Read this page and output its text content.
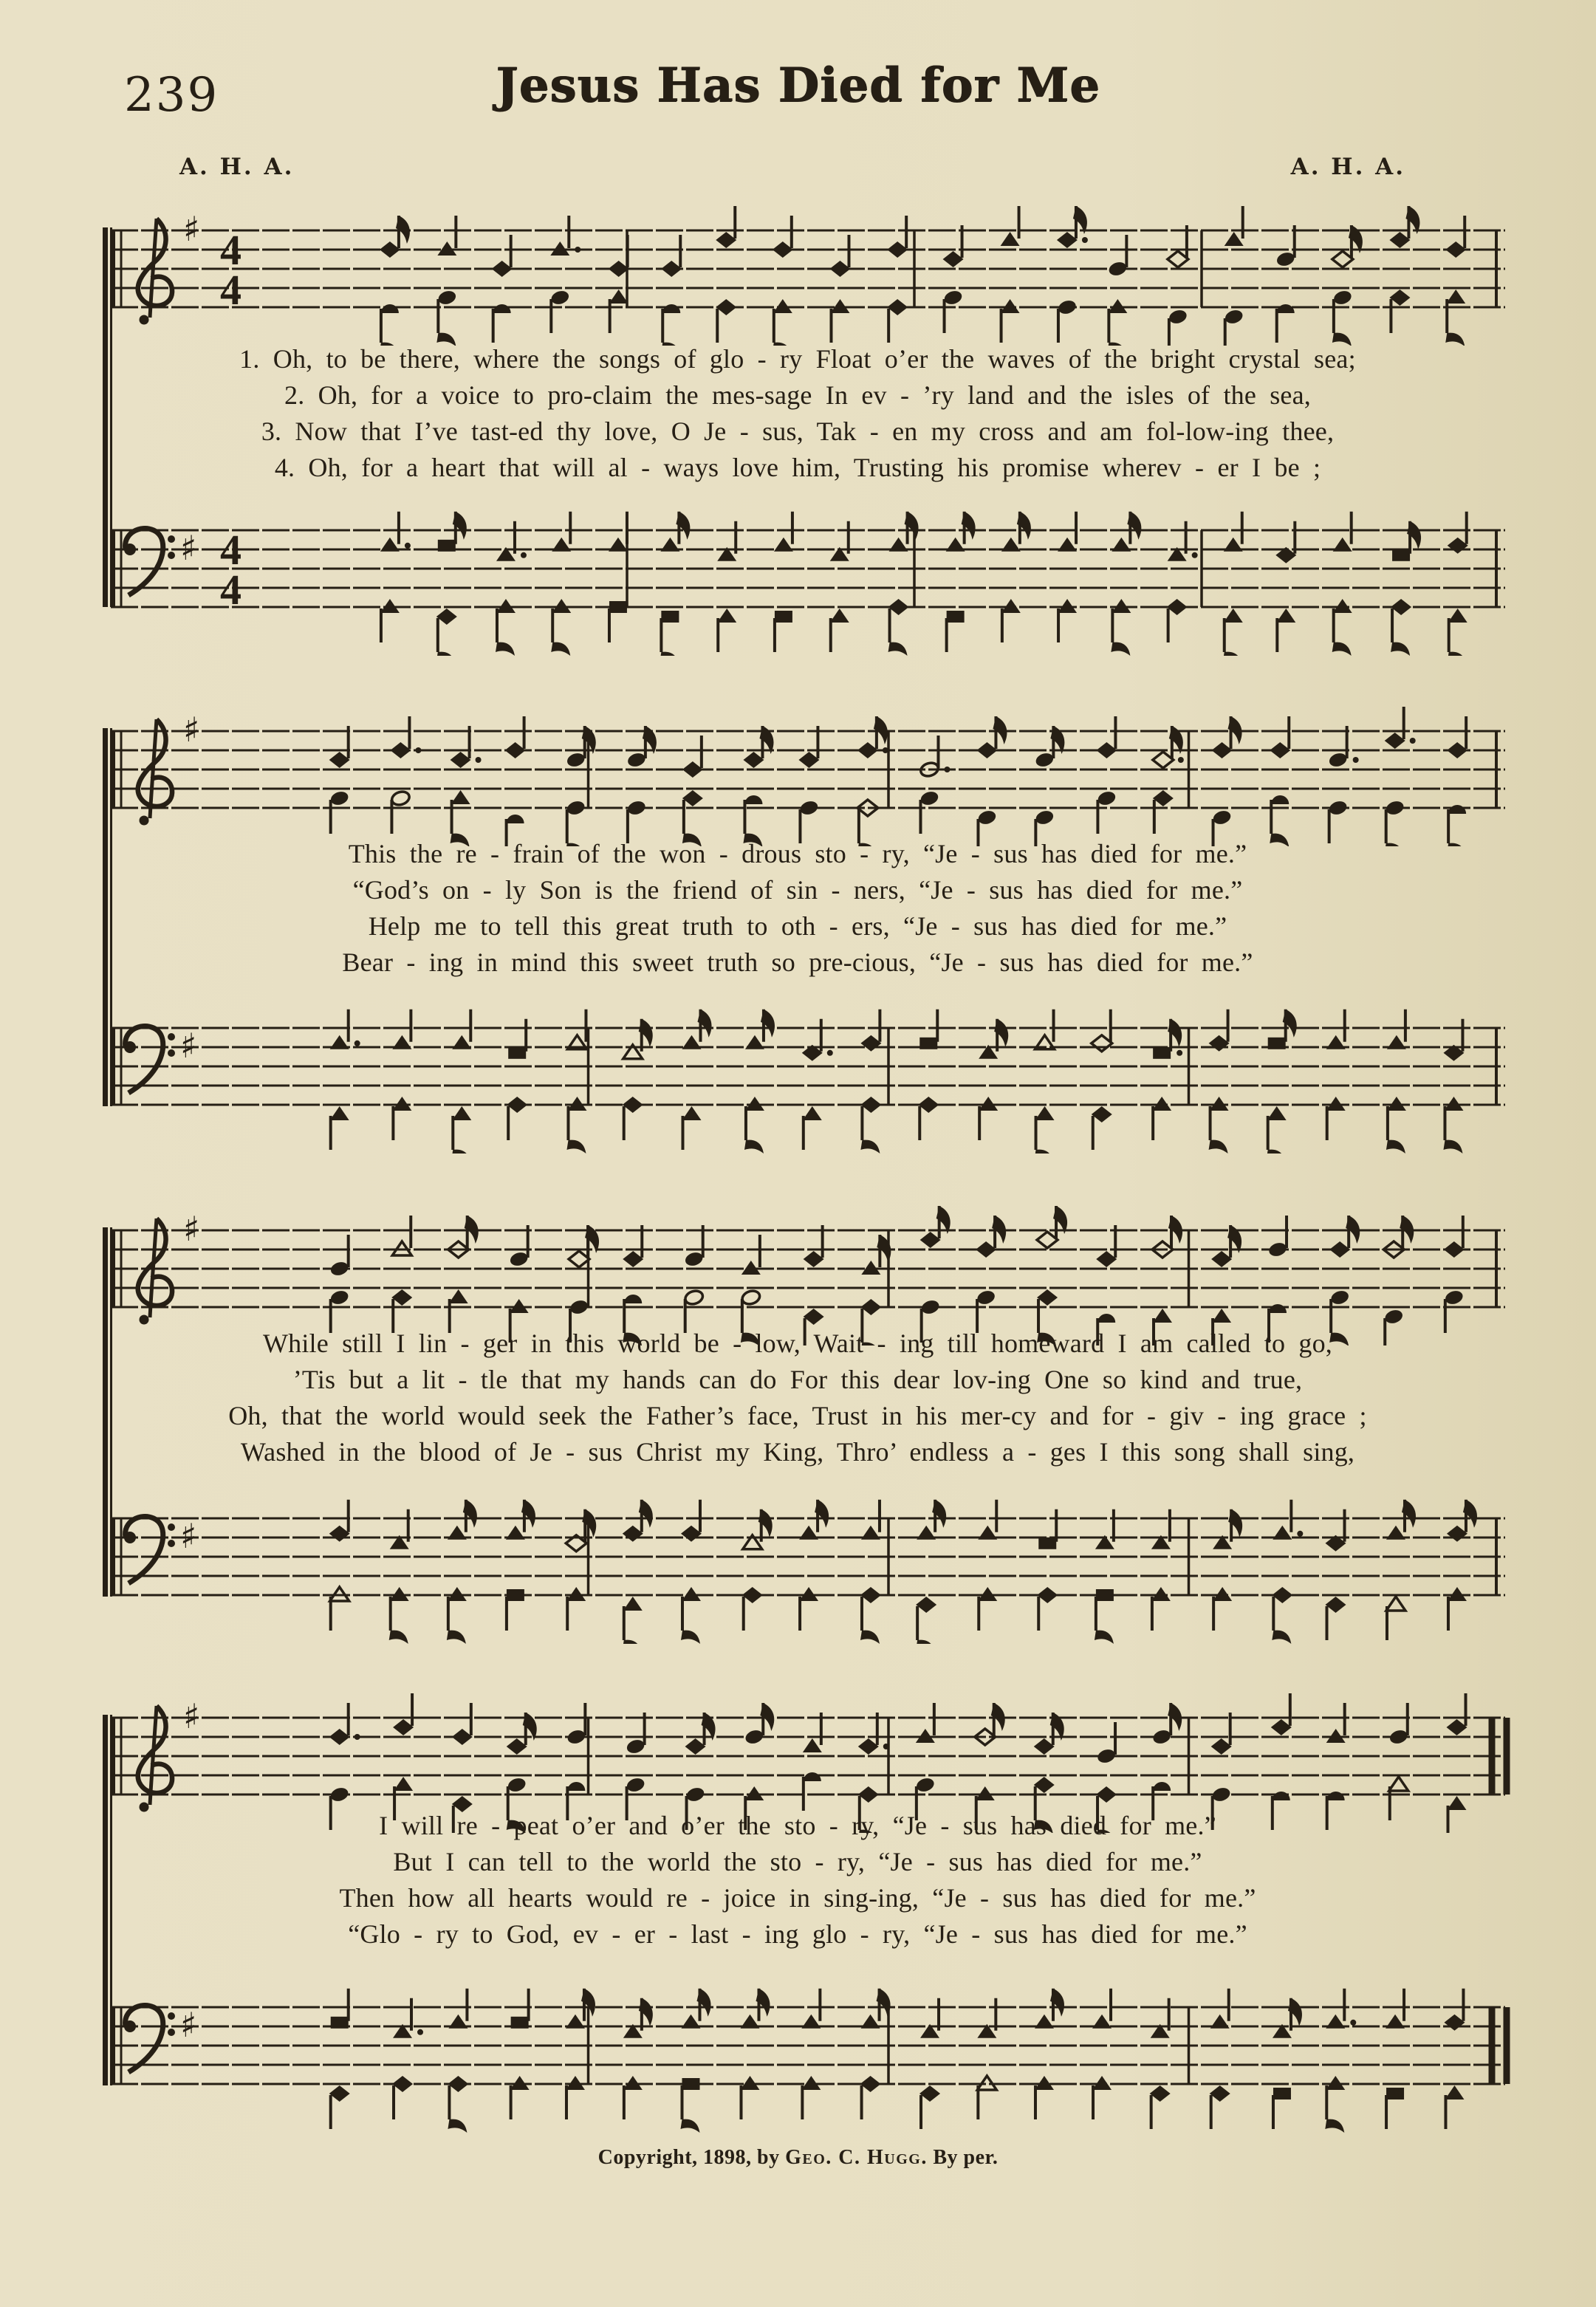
239	Jesus Has Died for Me
A. H. A.	A. H. A.
♯ 4
4
1. Oh, to be there, where the songs of glo - ry Float o’er the waves of the bright crystal sea;
2. Oh, for a voice to pro-claim the mes-sage In ev - ’ry land and the isles of the sea,
3. Now that I’ve tast-ed thy love, O Je - sus, Tak - en my cross and am fol-low-ing thee,
4. Oh, for a heart that will al - ways love him, Trusting his promise wherev - er I be ;
♯ 4
4
♯
This the re - frain of the won - drous sto - ry, “Je - sus has died for me.”
“God’s on - ly Son is the friend of sin - ners, “Je - sus has died for me.”
Help me to tell this great truth to oth - ers, “Je - sus has died for me.”
Bear - ing in mind this sweet truth so pre-cious, “Je - sus has died for me.”
♯
♯
While still I lin - ger in this world be - low, Wait - ing till homeward I am called to go,
’Tis but a lit - tle that my hands can do For this dear lov-ing One so kind and true,
Oh, that the world would seek the Father’s face, Trust in his mer-cy and for - giv - ing grace ;
Washed in the blood of Je - sus Christ my King, Thro’ endless a - ges I this song shall sing,
♯
♯
I will re - peat o’er and o’er the sto - ry, “Je - sus has died for me.”
But I can tell to the world the sto - ry, “Je - sus has died for me.”
Then how all hearts would re - joice in sing-ing, “Je - sus has died for me.”
“Glo - ry to God, ev - er - last - ing glo - ry, “Je - sus has died for me.”
♯
Copyright, 1898, by Geo. C. Hugg. By per.
